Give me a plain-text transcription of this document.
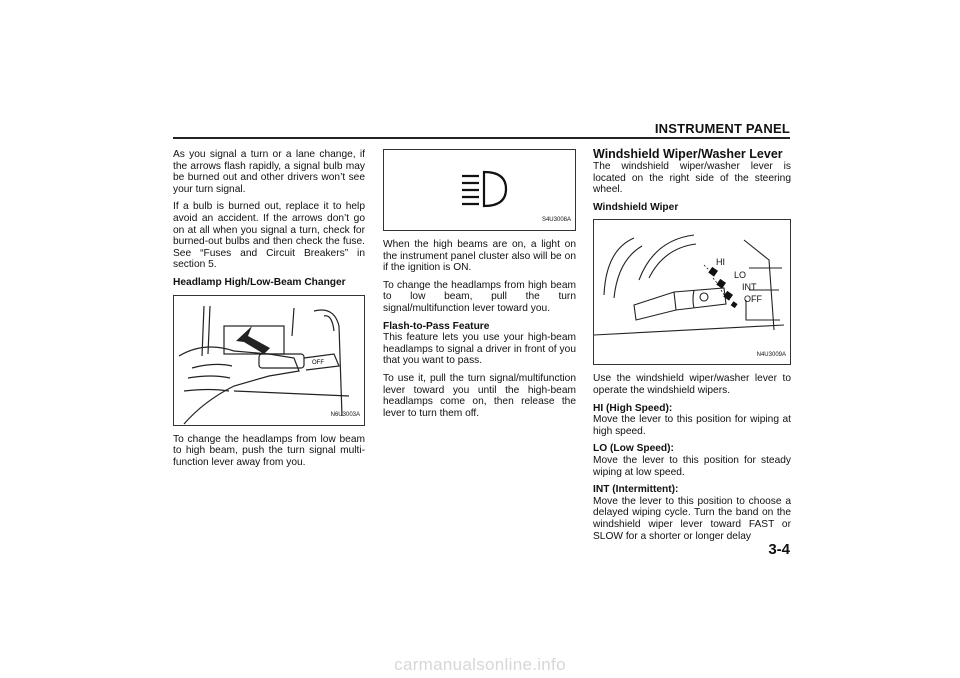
INSTRUMENT PANEL

As you signal a turn or a lane change, if the arrows flash rapidly, a signal bulb may be burned out and other drivers won’t see your turn signal.

If a bulb is burned out, replace it to help avoid an accident. If the arrows don’t go on at all when you signal a turn, check for burned-out bulbs and then check the fuse. See “Fuses and Circuit Breakers” in section 5.

Headlamp High/Low-Beam Changer

OFF
N6U3003A

To change the headlamps from low beam to high beam, push the turn signal multi-function lever away from you.

S4U3008A

When the high beams are on, a light on the instrument panel cluster also will be on if the ignition is ON.

To change the headlamps from high beam to low beam, pull the turn signal/multifunction lever toward you.

Flash-to-Pass Feature
This feature lets you use your high-beam headlamps to signal a driver in front of you that you want to pass.

To use it, pull the turn signal/multifunction lever toward you until the high-beam headlamps come on, then release the lever to turn them off.

Windshield Wiper/Washer Lever

The windshield wiper/washer lever is located on the right side of the steering wheel.

Windshield Wiper

HI
LO
INT
OFF
N4U3009A

Use the windshield wiper/washer lever to operate the windshield wipers.

HI (High Speed):
Move the lever to this position for wiping at high speed.
LO (Low Speed):
Move the lever to this position for steady wiping at low speed.
INT (Intermittent):
Move the lever to this position to choose a delayed wiping cycle. Turn the band on the windshield wiper lever toward FAST or SLOW for a shorter or longer delay
3-4
carmanualsonline.info
